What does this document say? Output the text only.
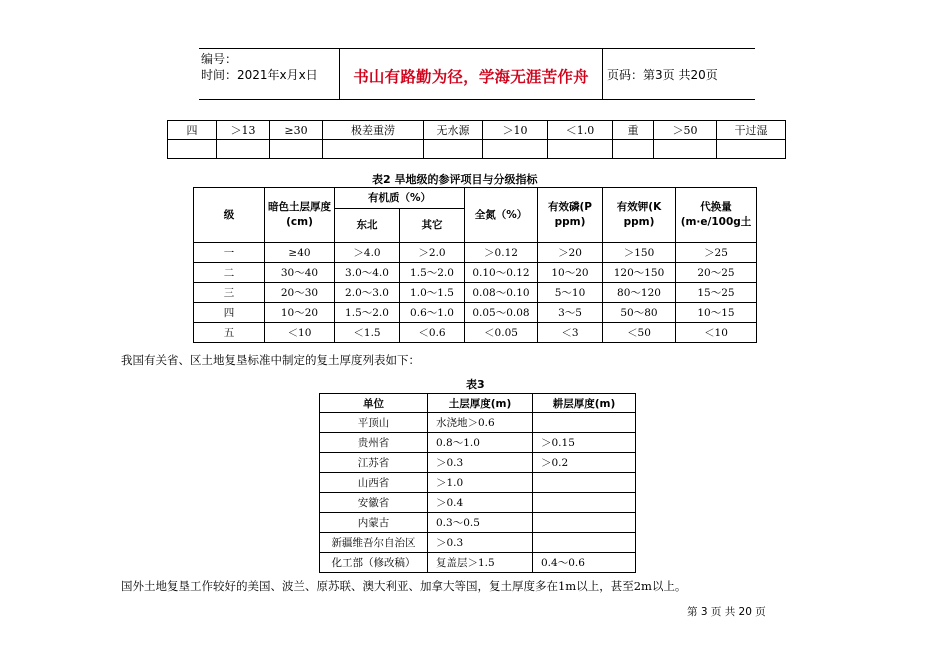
编号：
时间：2021年x月x日	书山有路勤为径，学海无涯苦作舟	页码：第3页 共20页
四	＞13	≥30	极差重涝	无水源	＞10	＜1.0	重	＞50	干过湿

表2 旱地级的参评项目与分级指标
级	暗色土层厚度(cm)	有机质（%）		全氮（%）	有效磷(P ppm)	有效钾(K ppm)	代换量(m·e/100g土
		东北	其它				
一	≥40	＞4.0	＞2.0	＞0.12	＞20	＞150	＞25
二	30～40	3.0～4.0	1.5～2.0	0.10～0.12	10～20	120～150	20～25
三	20～30	2.0～3.0	1.0～1.5	0.08～0.10	5～10	80～120	15～25
四	10～20	1.5～2.0	0.6～1.0	0.05～0.08	3～5	50～80	10～15
五	＜10	＜1.5	＜0.6	＜0.05	＜3	＜50	＜10
我国有关省、区土地复垦标准中制定的复土厚度列表如下：
表3
单位	土层厚度(m)	耕层厚度(m)
平顶山	水浇地＞0.6	
贵州省	0.8～1.0	＞0.15
江苏省	＞0.3	＞0.2
山西省	＞1.0	
安徽省	＞0.4	
内蒙古	0.3～0.5	
新疆维吾尔自治区	＞0.3	
化工部（修改稿）	复盖层＞1.5	0.4～0.6
国外土地复垦工作较好的美国、波兰、原苏联、澳大利亚、加拿大等国，复土厚度多在1m以上，甚至2m以上。
第 3 页 共 20 页
